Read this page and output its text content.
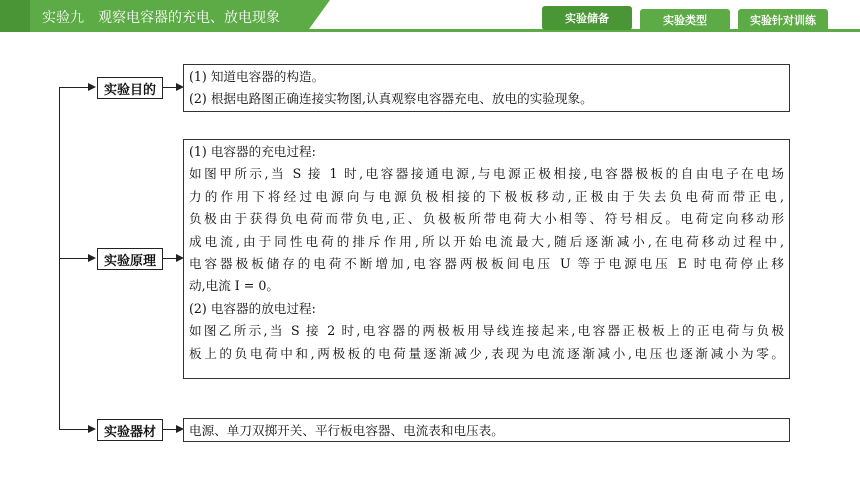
实验九　观察电容器的充电、放电现象	实验储备	实验类型	实验针对训练
实验目的
实验原理
实验器材

(1) 知道电容器的构造。

(2) 根据电路图正确连接实物图,认真观察电容器充电、放电的实验现象。

(1) 电容器的充电过程:

如图甲所示,当 S 接 1 时,电容器接通电源,与电源正极相接,电容器极板的自由电子在电场

力的作用下将经过电源向与电源负极相接的下极板移动,正极由于失去负电荷而带正电,

负极由于获得负电荷而带负电,正、负极板所带电荷大小相等、符号相反。电荷定向移动形

成电流,由于同性电荷的排斥作用,所以开始电流最大,随后逐渐减小,在电荷移动过程中,

电容器极板储存的电荷不断增加,电容器两极板间电压 U 等于电源电压 E 时电荷停止移

动,电流 I = 0。

(2) 电容器的放电过程:

如图乙所示,当 S 接 2 时,电容器的两极板用导线连接起来,电容器正极板上的正电荷与负极

板上的负电荷中和,两极板的电荷量逐渐减少,表现为电流逐渐减小,电压也逐渐减小为零。

电源、单刀双掷开关、平行板电容器、电流表和电压表。
